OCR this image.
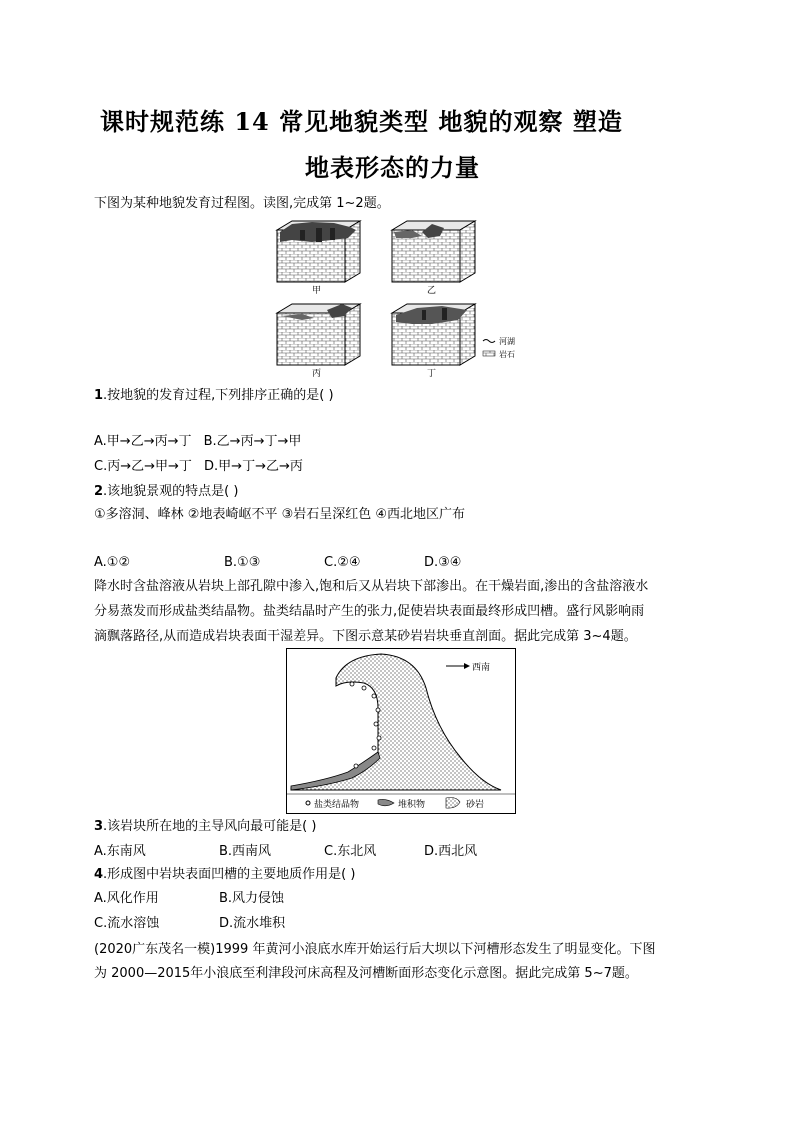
课时规范练 14 常见地貌类型 地貌的观察 塑造
地表形态的力量
下图为某种地貌发育过程图。读图,完成第 1~2题。
甲	乙
丙	丁
河湖
岩石
1.按地貌的发育过程,下列排序正确的是( )
A.甲→乙→丙→丁 B.乙→丙→丁→甲
C.丙→乙→甲→丁 D.甲→丁→乙→丙
2.该地貌景观的特点是( )
①多溶洞、峰林 ②地表崎岖不平 ③岩石呈深红色 ④西北地区广布
A.①②	B.①③	C.②④	D.③④
降水时含盐溶液从岩块上部孔隙中渗入,饱和后又从岩块下部渗出。在干燥岩面,渗出的含盐溶液水
分易蒸发而形成盐类结晶物。盐类结晶时产生的张力,促使岩块表面最终形成凹槽。盛行风影响雨
滴飘落路径,从而造成岩块表面干湿差异。下图示意某砂岩岩块垂直剖面。据此完成第 3~4题。
西南
盐类结晶物	堆积物	砂岩
3.该岩块所在地的主导风向最可能是( )
A.东南风	B.西南风	C.东北风	D.西北风
4.形成图中岩块表面凹槽的主要地质作用是( )
A.风化作用	B.风力侵蚀
C.流水溶蚀	D.流水堆积
(2020广东茂名一模)1999 年黄河小浪底水库开始运行后大坝以下河槽形态发生了明显变化。下图
为 2000—2015年小浪底至利津段河床高程及河槽断面形态变化示意图。据此完成第 5~7题。
